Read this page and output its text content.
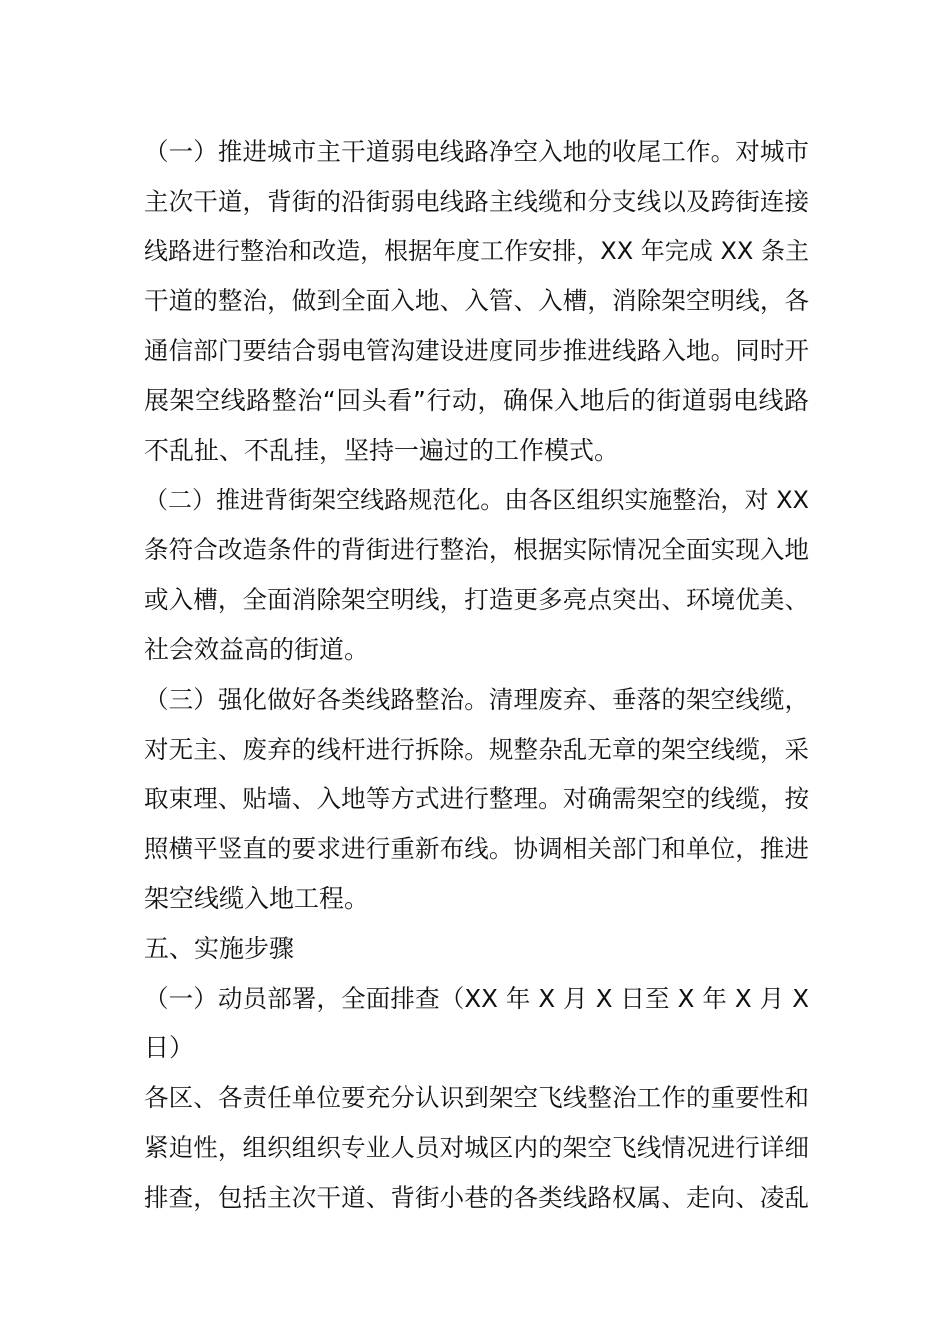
（一）推进城市主干道弱电线路净空入地的收尾工作。对城市
主次干道，背街的沿街弱电线路主线缆和分支线以及跨街连接
线路进行整治和改造，根据年度工作安排，XX 年完成 XX 条主
干道的整治，做到全面入地、入管、入槽，消除架空明线，各
通信部门要结合弱电管沟建设进度同步推进线路入地。同时开
展架空线路整治“回头看”行动，确保入地后的街道弱电线路
不乱扯、不乱挂，坚持一遍过的工作模式。
（二）推进背街架空线路规范化。由各区组织实施整治，对 XX
条符合改造条件的背街进行整治，根据实际情况全面实现入地
或入槽，全面消除架空明线，打造更多亮点突出、环境优美、
社会效益高的街道。
（三）强化做好各类线路整治。清理废弃、垂落的架空线缆，
对无主、废弃的线杆进行拆除。规整杂乱无章的架空线缆，采
取束理、贴墙、入地等方式进行整理。对确需架空的线缆，按
照横平竖直的要求进行重新布线。协调相关部门和单位，推进
架空线缆入地工程。
五、实施步骤
（一）动员部署，全面排查（XX 年 X 月 X 日至 X 年 X 月 X
日）
各区、各责任单位要充分认识到架空飞线整治工作的重要性和
紧迫性，组织组织专业人员对城区内的架空飞线情况进行详细
排查，包括主次干道、背街小巷的各类线路权属、走向、凌乱
